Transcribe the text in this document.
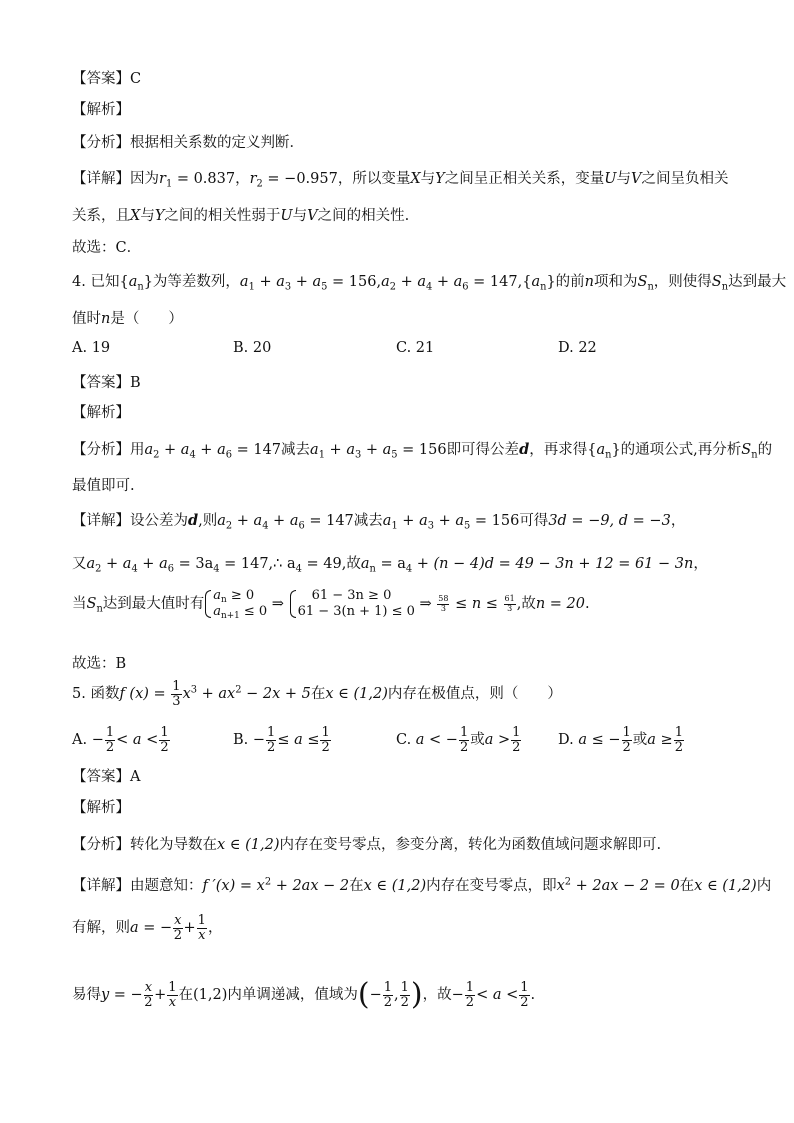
【答案】C
【解析】
【分析】根据相关系数的定义判断．
【详解】因为$r_1 = 0.837$，$r_2 = -0.957$，所以变量X与Y之间呈正相关关系，变量U与V之间呈负相关
关系，且X与Y之间的相关性弱于U与V之间的相关性.
故选：C．
4. 已知$\{a_n\}$为等差数列，$a_1 + a_3 + a_5 = 156,a_2 + a_4 + a_6 = 147,\{a_n\}$的前n项和为$S_n$，则使得$S_n$达到最大
值时n是（　　）
A. 19	B. 20	C. 21	D. 22
【答案】B
【解析】
【分析】用$a_2 + a_4 + a_6 = 147$减去$a_1 + a_3 + a_5 = 156$即可得公差d，再求得$\{a_n\}$的通项公式,再分析$S_n$的
最值即可.
【详解】设公差为d,则$a_2 + a_4 + a_6 = 147$减去$a_1 + a_3 + a_5 = 156$可得3d = −9, d = −3，
又$a_2 + a_4 + a_6 = 3a_4$ = 147,∴ $a_4 = 49$,故$a_n = a_4 + (n - 4)d = 49 - 3n + 12 = 61 - 3n$，
当$S_n$达到最大值时有
$a_n \ge 0$
$a_{n+1} \le 0$ ⇒
61 − 3n ≥ 0
61 − 3(n + 1) ≤ 0 ⇒ $\frac{58}{3} \le n \le \frac{61}{3}$ ,故n = 20.
故选：B
5. 函数f $(x) = \frac{1}{3} x^3 + ax^2 - 2x + 5$在x ∈ (1,2)内存在极值点，则（　　）
A. − $\frac{1}{2} < a < \frac{1}{2}$	B. − $\frac{1}{2} \le a \le \frac{1}{2}$	C. a < − $\frac{1}{2}$ 或$a > \frac{1}{2}$	D. a ≤ − $\frac{1}{2}$ 或$a \ge \frac{1}{2}$
【答案】A
【解析】
【分析】转化为导数在x ∈ (1,2)内存在变号零点，参变分离，转化为函数值域问题求解即可.
【详解】由题意知：f $'(x) = x^2 + 2ax - 2$在x ∈ (1,2)内存在变号零点，即$x^2 + 2ax - 2 = 0$在x ∈ (1,2)内
有解，则a = − $\frac{x}{2} + \frac{1}{x}$ ，
易得y = − $\frac{x}{2} + \frac{1}{x}$ 在(1,2)内单调递减，值域为(− $\frac{1}{2}$ , $\frac{1}{2}$ )，故− $\frac{1}{2} < a < \frac{1}{2}$ .
